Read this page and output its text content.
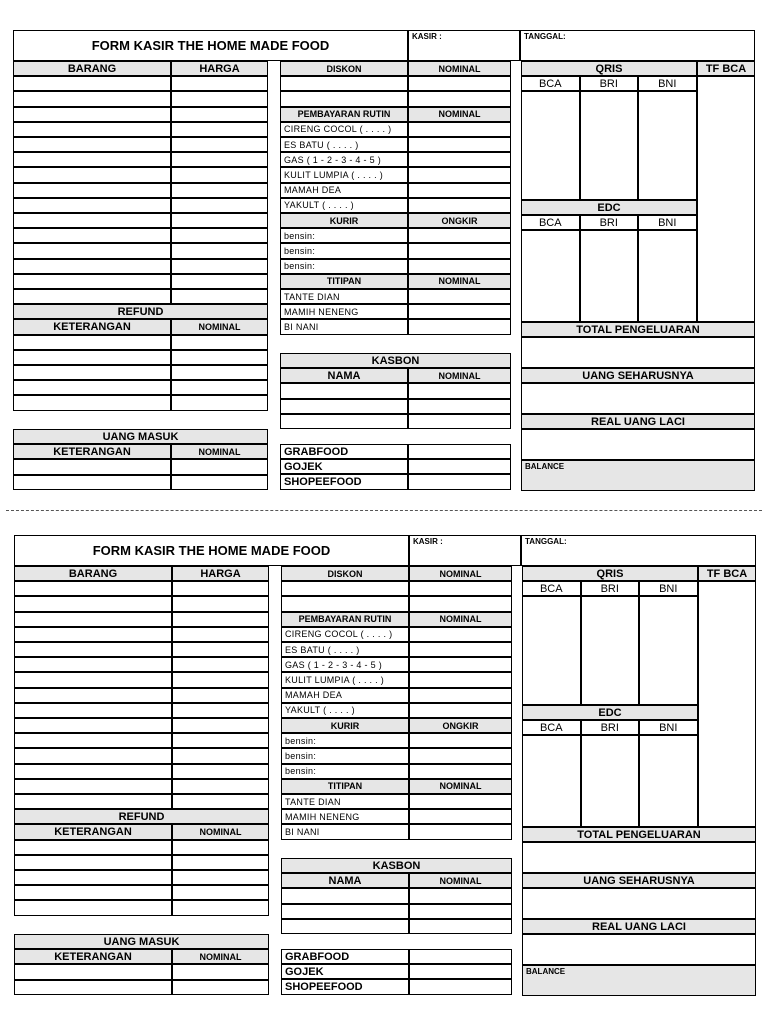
FORM KASIR THE HOME MADE FOOD
KASIR :	TANGGAL:
BARANG	HARGA
REFUND
KETERANGAN	NOMINAL
UANG MASUK
KETERANGAN	NOMINAL
DISKON	NOMINAL
PEMBAYARAN RUTIN	NOMINAL
CIRENG COCOL ( . . . . )
ES BATU ( . . . . )
GAS ( 1 - 2 - 3 - 4 - 5 )
KULIT LUMPIA ( . . . . )
MAMAH DEA
YAKULT ( . . . . )
KURIR	ONGKIR
bensin:
bensin:
bensin:
TITIPAN	NOMINAL
TANTE DIAN
MAMIH NENENG
BI NANI
KASBON
NAMA	NOMINAL
GRABFOOD
GOJEK
SHOPEEFOOD
QRIS	TF BCA
BCA	BRI	BNI
EDC
BCA	BRI	BNI
TOTAL PENGELUARAN
UANG SEHARUSNYA
REAL UANG LACI
BALANCE
FORM KASIR THE HOME MADE FOOD
KASIR :	TANGGAL:
BARANG	HARGA
REFUND
KETERANGAN	NOMINAL
UANG MASUK
KETERANGAN	NOMINAL
DISKON	NOMINAL
PEMBAYARAN RUTIN	NOMINAL
CIRENG COCOL ( . . . . )
ES BATU ( . . . . )
GAS ( 1 - 2 - 3 - 4 - 5 )
KULIT LUMPIA ( . . . . )
MAMAH DEA
YAKULT ( . . . . )
KURIR	ONGKIR
bensin:
bensin:
bensin:
TITIPAN	NOMINAL
TANTE DIAN
MAMIH NENENG
BI NANI
KASBON
NAMA	NOMINAL
GRABFOOD
GOJEK
SHOPEEFOOD
QRIS	TF BCA
BCA	BRI	BNI
EDC
BCA	BRI	BNI
TOTAL PENGELUARAN
UANG SEHARUSNYA
REAL UANG LACI
BALANCE
